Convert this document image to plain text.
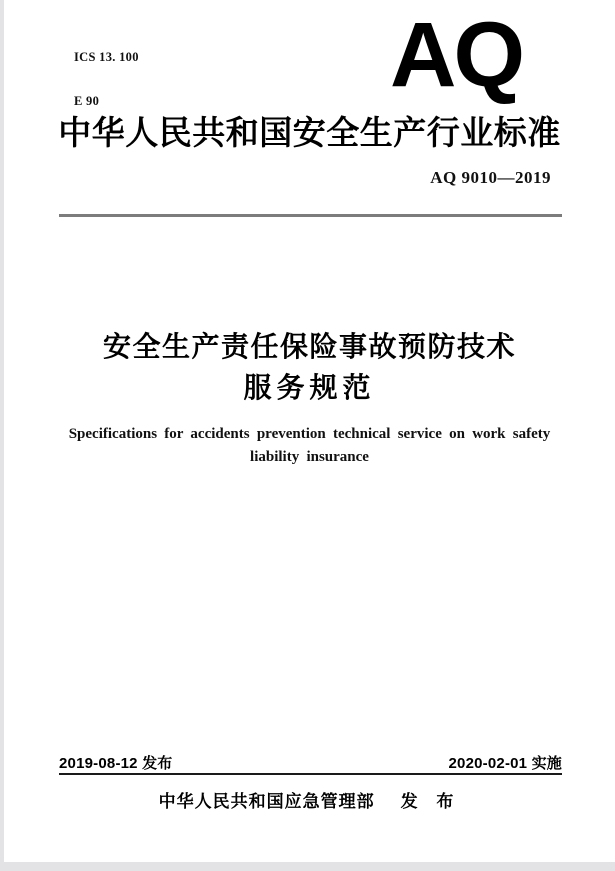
ICS 13. 100

E 90

	AQ
中华人民共和国安全生产行业标准
AQ 9010—2019
安全生产责任保险事故预防技术
服务规范
Specifications for accidents prevention technical service on work safety
liability insurance
2019-08-12 发布	2020-02-01 实施
中华人民共和国应急管理部 发 布
